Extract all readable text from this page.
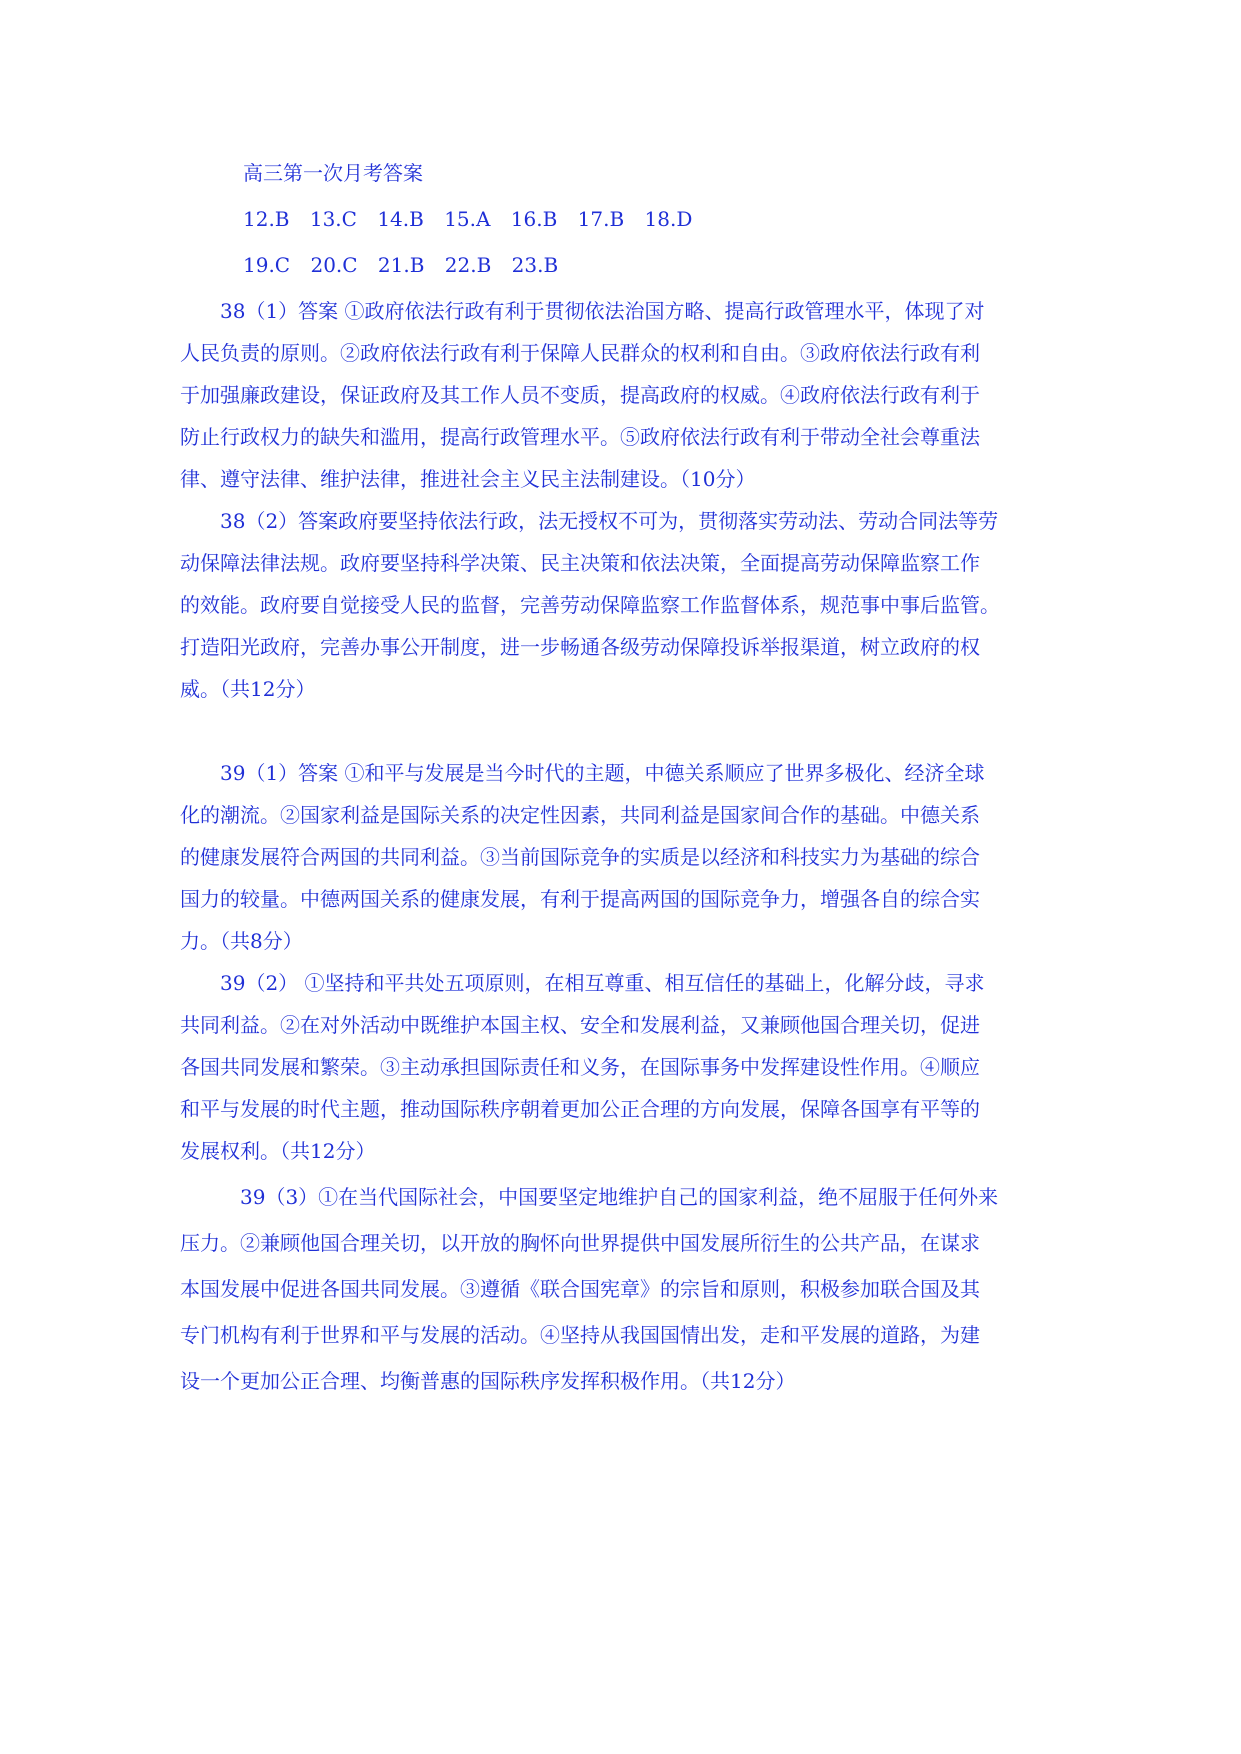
高三第一次月考答案
12.B 13.C 14.B 15.A 16.B 17.B 18.D
19.C 20.C 21.B 22.B 23.B
38（1）答案 ①政府依法行政有利于贯彻依法治国方略、提高行政管理水平，体现了对
人民负责的原则。②政府依法行政有利于保障人民群众的权利和自由。③政府依法行政有利
于加强廉政建设，保证政府及其工作人员不变质，提高政府的权威。④政府依法行政有利于
防止行政权力的缺失和滥用，提高行政管理水平。⑤政府依法行政有利于带动全社会尊重法
律、遵守法律、维护法律，推进社会主义民主法制建设。（10分）
38（2）答案政府要坚持依法行政，法无授权不可为，贯彻落实劳动法、劳动合同法等劳
动保障法律法规。政府要坚持科学决策、民主决策和依法决策，全面提高劳动保障监察工作
的效能。政府要自觉接受人民的监督，完善劳动保障监察工作监督体系，规范事中事后监管。
打造阳光政府，完善办事公开制度，进一步畅通各级劳动保障投诉举报渠道，树立政府的权
威。（共12分）
39（1）答案 ①和平与发展是当今时代的主题，中德关系顺应了世界多极化、经济全球
化的潮流。②国家利益是国际关系的决定性因素，共同利益是国家间合作的基础。中德关系
的健康发展符合两国的共同利益。③当前国际竞争的实质是以经济和科技实力为基础的综合
国力的较量。中德两国关系的健康发展，有利于提高两国的国际竞争力，增强各自的综合实
力。（共8分）
39（2） ①坚持和平共处五项原则，在相互尊重、相互信任的基础上，化解分歧，寻求
共同利益。②在对外活动中既维护本国主权、安全和发展利益，又兼顾他国合理关切，促进
各国共同发展和繁荣。③主动承担国际责任和义务，在国际事务中发挥建设性作用。④顺应
和平与发展的时代主题，推动国际秩序朝着更加公正合理的方向发展，保障各国享有平等的
发展权利。（共12分）
39（3）①在当代国际社会，中国要坚定地维护自己的国家利益，绝不屈服于任何外来
压力。②兼顾他国合理关切，以开放的胸怀向世界提供中国发展所衍生的公共产品，在谋求
本国发展中促进各国共同发展。③遵循《联合国宪章》的宗旨和原则，积极参加联合国及其
专门机构有利于世界和平与发展的活动。④坚持从我国国情出发，走和平发展的道路，为建
设一个更加公正合理、均衡普惠的国际秩序发挥积极作用。（共12分）
